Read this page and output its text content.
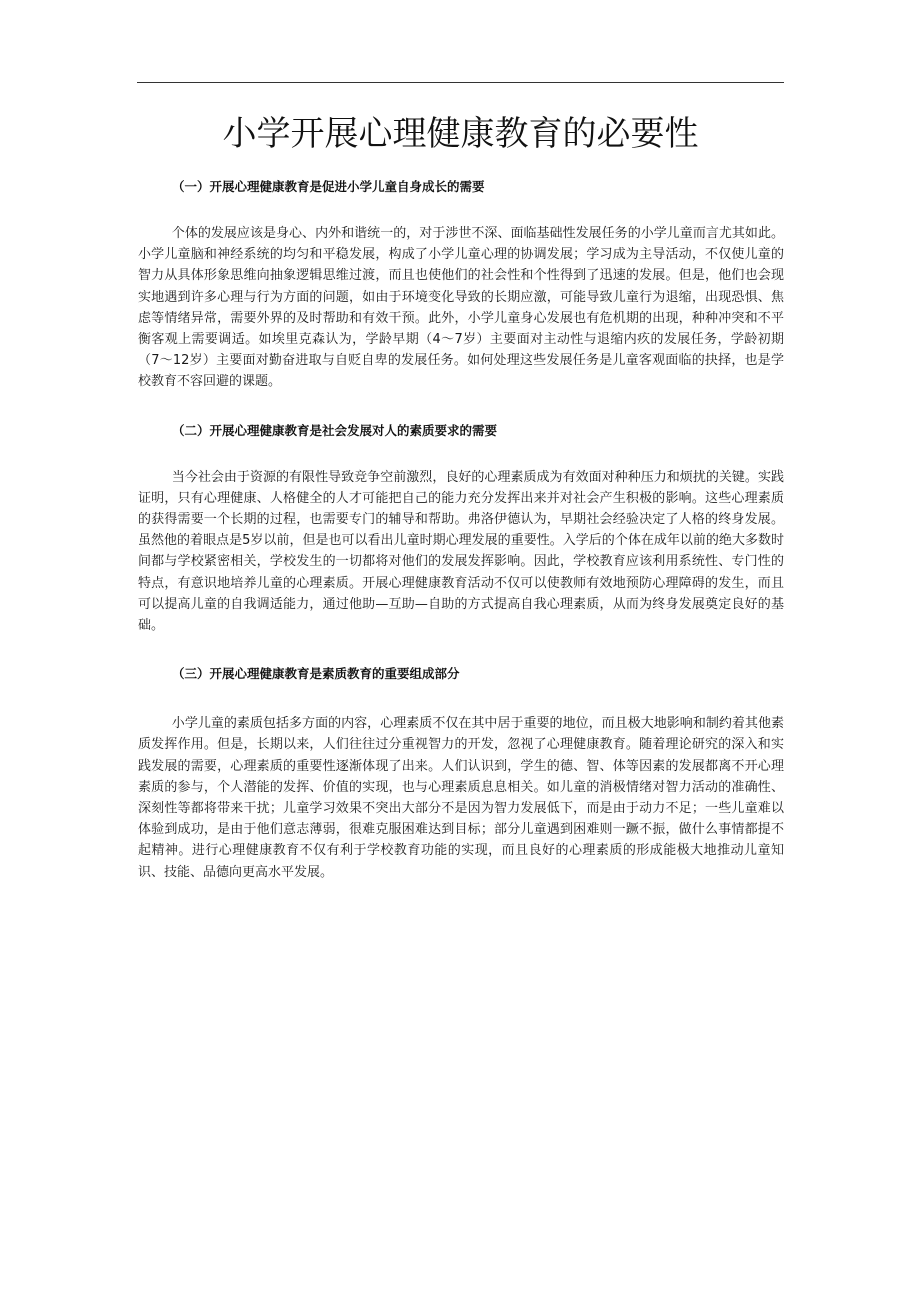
小学开展心理健康教育的必要性
（一）开展心理健康教育是促进小学儿童自身成长的需要

个体的发展应该是身心、内外和谐统一的，对于涉世不深、面临基础性发展任务的小学儿童而言尤其如此。小学儿童脑和神经系统的均匀和平稳发展，构成了小学儿童心理的协调发展；学习成为主导活动，不仅使儿童的智力从具体形象思维向抽象逻辑思维过渡，而且也使他们的社会性和个性得到了迅速的发展。但是，他们也会现实地遇到许多心理与行为方面的问题，如由于环境变化导致的长期应激，可能导致儿童行为退缩，出现恐惧、焦虑等情绪异常，需要外界的及时帮助和有效干预。此外，小学儿童身心发展也有危机期的出现，种种冲突和不平衡客观上需要调适。如埃里克森认为，学龄早期（4～7岁）主要面对主动性与退缩内疚的发展任务，学龄初期（7～12岁）主要面对勤奋进取与自贬自卑的发展任务。如何处理这些发展任务是儿童客观面临的抉择，也是学校教育不容回避的课题。

（二）开展心理健康教育是社会发展对人的素质要求的需要

当今社会由于资源的有限性导致竞争空前激烈，良好的心理素质成为有效面对种种压力和烦扰的关键。实践证明，只有心理健康、人格健全的人才可能把自己的能力充分发挥出来并对社会产生积极的影响。这些心理素质的获得需要一个长期的过程，也需要专门的辅导和帮助。弗洛伊德认为，早期社会经验决定了人格的终身发展。虽然他的着眼点是5岁以前，但是也可以看出儿童时期心理发展的重要性。入学后的个体在成年以前的绝大多数时间都与学校紧密相关，学校发生的一切都将对他们的发展发挥影响。因此，学校教育应该利用系统性、专门性的特点，有意识地培养儿童的心理素质。开展心理健康教育活动不仅可以使教师有效地预防心理障碍的发生，而且可以提高儿童的自我调适能力，通过他助—互助—自助的方式提高自我心理素质，从而为终身发展奠定良好的基础。

（三）开展心理健康教育是素质教育的重要组成部分

小学儿童的素质包括多方面的内容，心理素质不仅在其中居于重要的地位，而且极大地影响和制约着其他素质发挥作用。但是，长期以来，人们往往过分重视智力的开发，忽视了心理健康教育。随着理论研究的深入和实践发展的需要，心理素质的重要性逐渐体现了出来。人们认识到，学生的德、智、体等因素的发展都离不开心理素质的参与，个人潜能的发挥、价值的实现，也与心理素质息息相关。如儿童的消极情绪对智力活动的准确性、深刻性等都将带来干扰；儿童学习效果不突出大部分不是因为智力发展低下，而是由于动力不足；一些儿童难以体验到成功，是由于他们意志薄弱，很难克服困难达到目标；部分儿童遇到困难则一蹶不振，做什么事情都提不起精神。进行心理健康教育不仅有利于学校教育功能的实现，而且良好的心理素质的形成能极大地推动儿童知识、技能、品德向更高水平发展。
